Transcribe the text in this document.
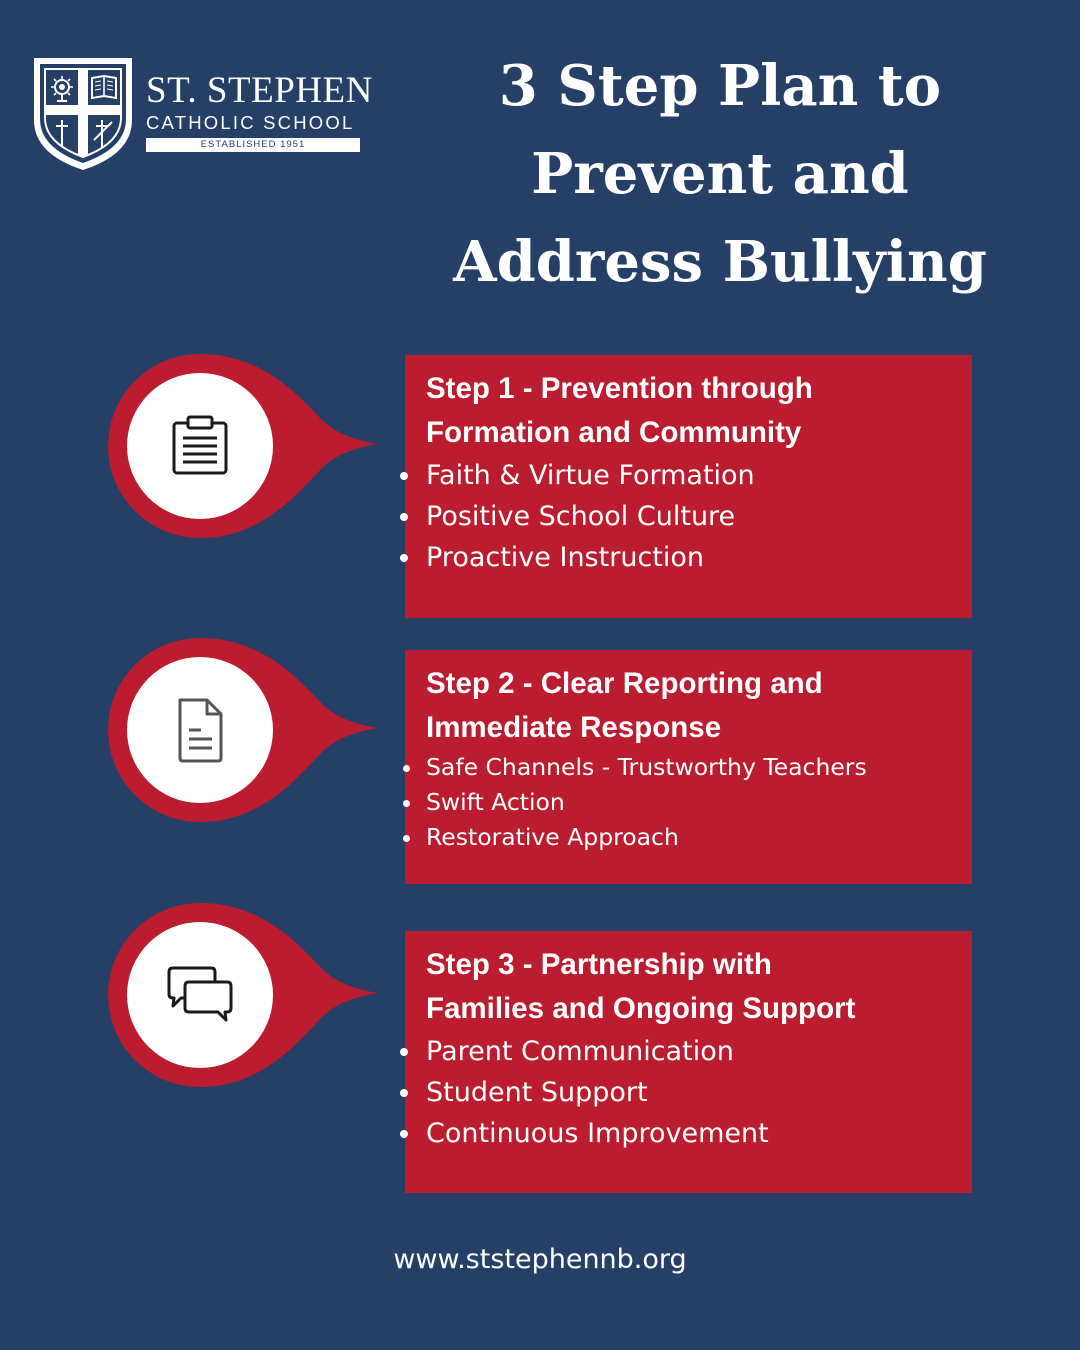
ST. STEPHEN
CATHOLIC SCHOOL
ESTABLISHED 1951
3 Step Plan to
Prevent and
Address Bullying
Step 1 - Prevention through
Formation and Community
Faith & Virtue Formation
Positive School Culture
Proactive Instruction
Step 2 - Clear Reporting and
Immediate Response
Safe Channels - Trustworthy Teachers
Swift Action
Restorative Approach
Step 3 - Partnership with
Families and Ongoing Support
Parent Communication
Student Support
Continuous Improvement
www.ststephennb.org
